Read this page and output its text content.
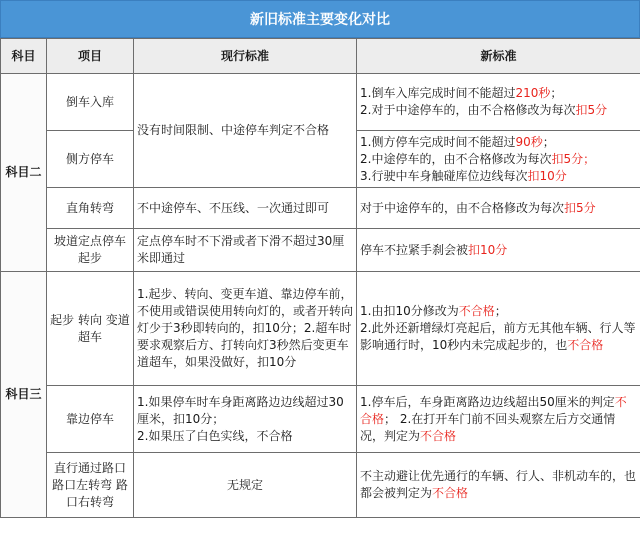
新旧标准主要变化对比
科目	项目	现行标准	新标准
科目二	倒车入库	没有时间限制、中途停车判定不合格	1.倒车入库完成时间不能超过210秒；
2.对于中途停车的，由不合格修改为每次扣5分
	侧方停车		1.侧方停车完成时间不能超过90秒；
2.中途停车的，由不合格修改为每次扣5分；
3.行驶中车身触碰库位边线每次扣10分
	直角转弯	不中途停车、不压线、一次通过即可	对于中途停车的，由不合格修改为每次扣5分
	坡道定点停车 起步	定点停车时不下滑或者下滑不超过30厘米即通过	停车不拉紧手刹会被扣10分
科目三	起步 转向 变道 超车	1.起步、转向、变更车道、靠边停车前，不使用或错误使用转向灯的，或者开转向灯少于3秒即转向的，扣10分；2.超车时要求观察后方、打转向灯3秒然后变更车道超车，如果没做好，扣10分	1.由扣10分修改为不合格；
2.此外还新增绿灯亮起后，前方无其他车辆、行人等影响通行时，10秒内未完成起步的，也不合格
	靠边停车	1.如果停车时车身距离路边边线超过30厘米，扣10分；
2.如果压了白色实线，不合格	1.停车后，车身距离路边边线超出50厘米的判定不合格； 2.在打开车门前不回头观察左后方交通情况，判定为不合格
	直行通过路口 路口左转弯 路口右转弯	无规定	不主动避让优先通行的车辆、行人、非机动车的，也都会被判定为不合格
